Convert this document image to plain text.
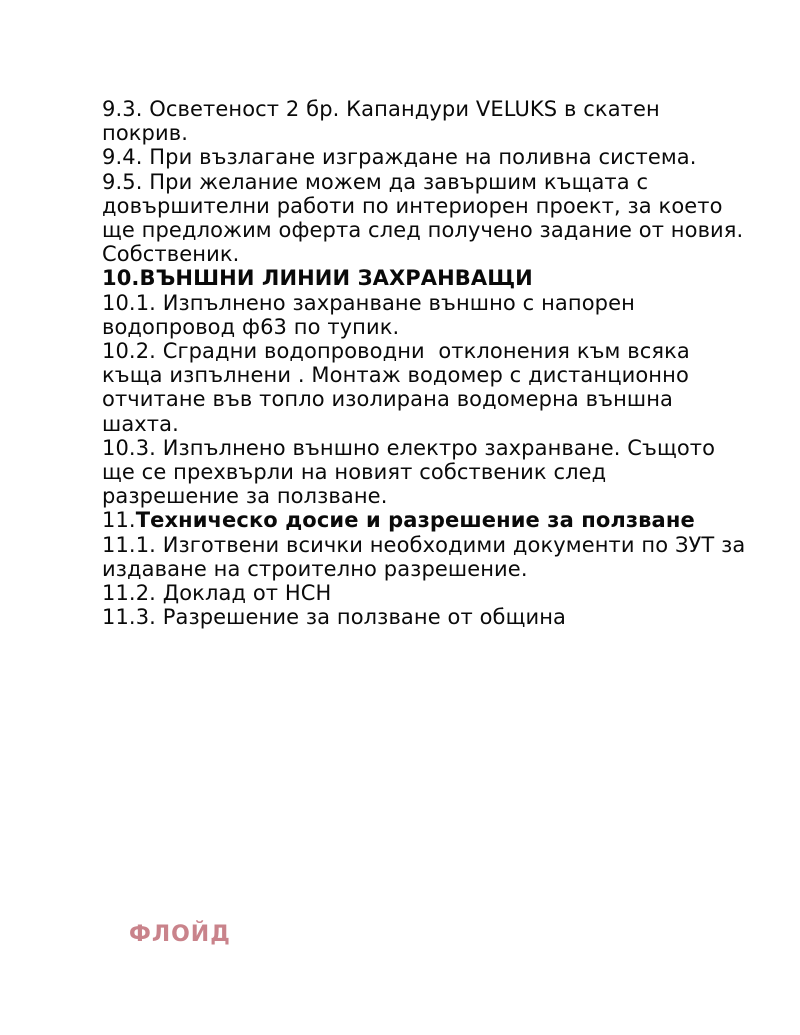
9.3. Осветеност 2 бр. Капандури VELUKS в скатен
покрив.
9.4. При възлагане изграждане на поливна система.
9.5. При желание можем да завършим къщата с
довършителни работи по интериорен проект, за което
ще предложим оферта след получено задание от новия.
Собственик.
10.ВЪНШНИ ЛИНИИ ЗАХРАНВАЩИ
10.1. Изпълнено захранване външно с напорен
водопровод ф63 по тупик.
10.2. Сградни водопроводни  отклонения към всяка
къща изпълнени . Монтаж водомер с дистанционно
отчитане във топло изолирана водомерна външна
шахта.
10.3. Изпълнено външно електро захранване. Същото
ще се прехвърли на новият собственик след
разрешение за ползване.
11.Техническо досие и разрешение за ползване
11.1. Изготвени всички необходими документи по ЗУТ за
издаване на строително разрешение.
11.2. Доклад от НСН
11.3. Разрешение за ползване от община
ФЛОЙД
